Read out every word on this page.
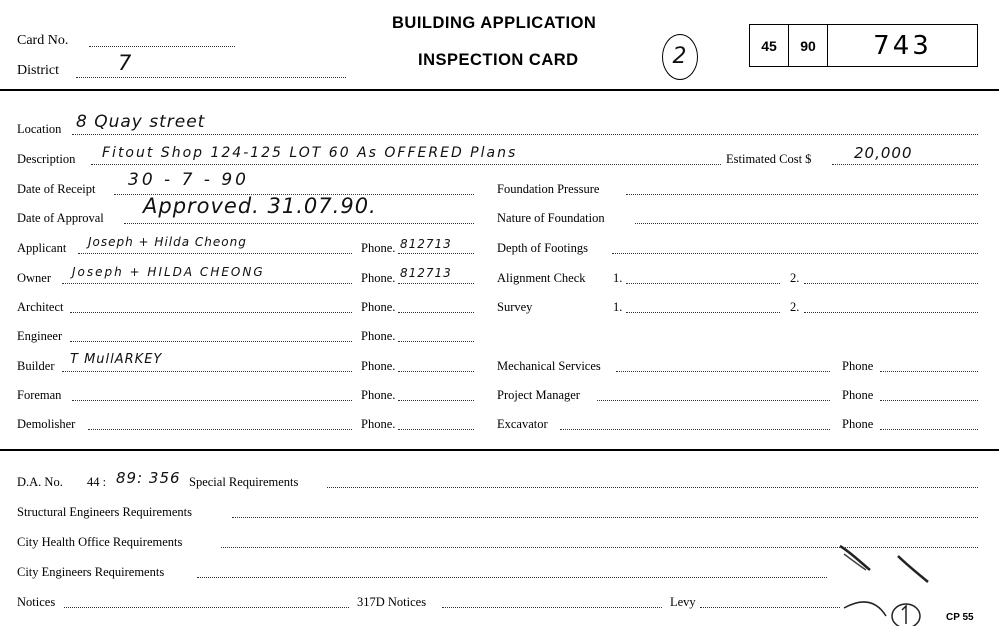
Card No.
District	7
BUILDING APPLICATION
INSPECTION CARD	2	45	90	743
Location 8 Quay street
Description Fitout Shop 124-125 LOT 60 As OFFERED Plans	Estimated Cost $	20,000
Date of Receipt 30 - 7 - 90
Date of Approval Approved. 31.07.90.
Applicant Joseph + Hilda Cheong	Phone. 812713
Owner Joseph + HILDA CHEONG	Phone. 812713
Architect	Phone.
Engineer	Phone.
Builder T MullARKEY	Phone.
Foreman	Phone.
Demolisher	Phone.
Foundation Pressure
Nature of Foundation
Depth of Footings
Alignment Check 1.	2.
Survey	1.	2.
Mechanical Services	Phone
Project Manager	Phone
Excavator	Phone
D.A. No. 44 : 89: 356 Special Requirements
Structural Engineers Requirements
City Health Office Requirements
City Engineers Requirements
Notices	317D Notices	Levy
CP 55
